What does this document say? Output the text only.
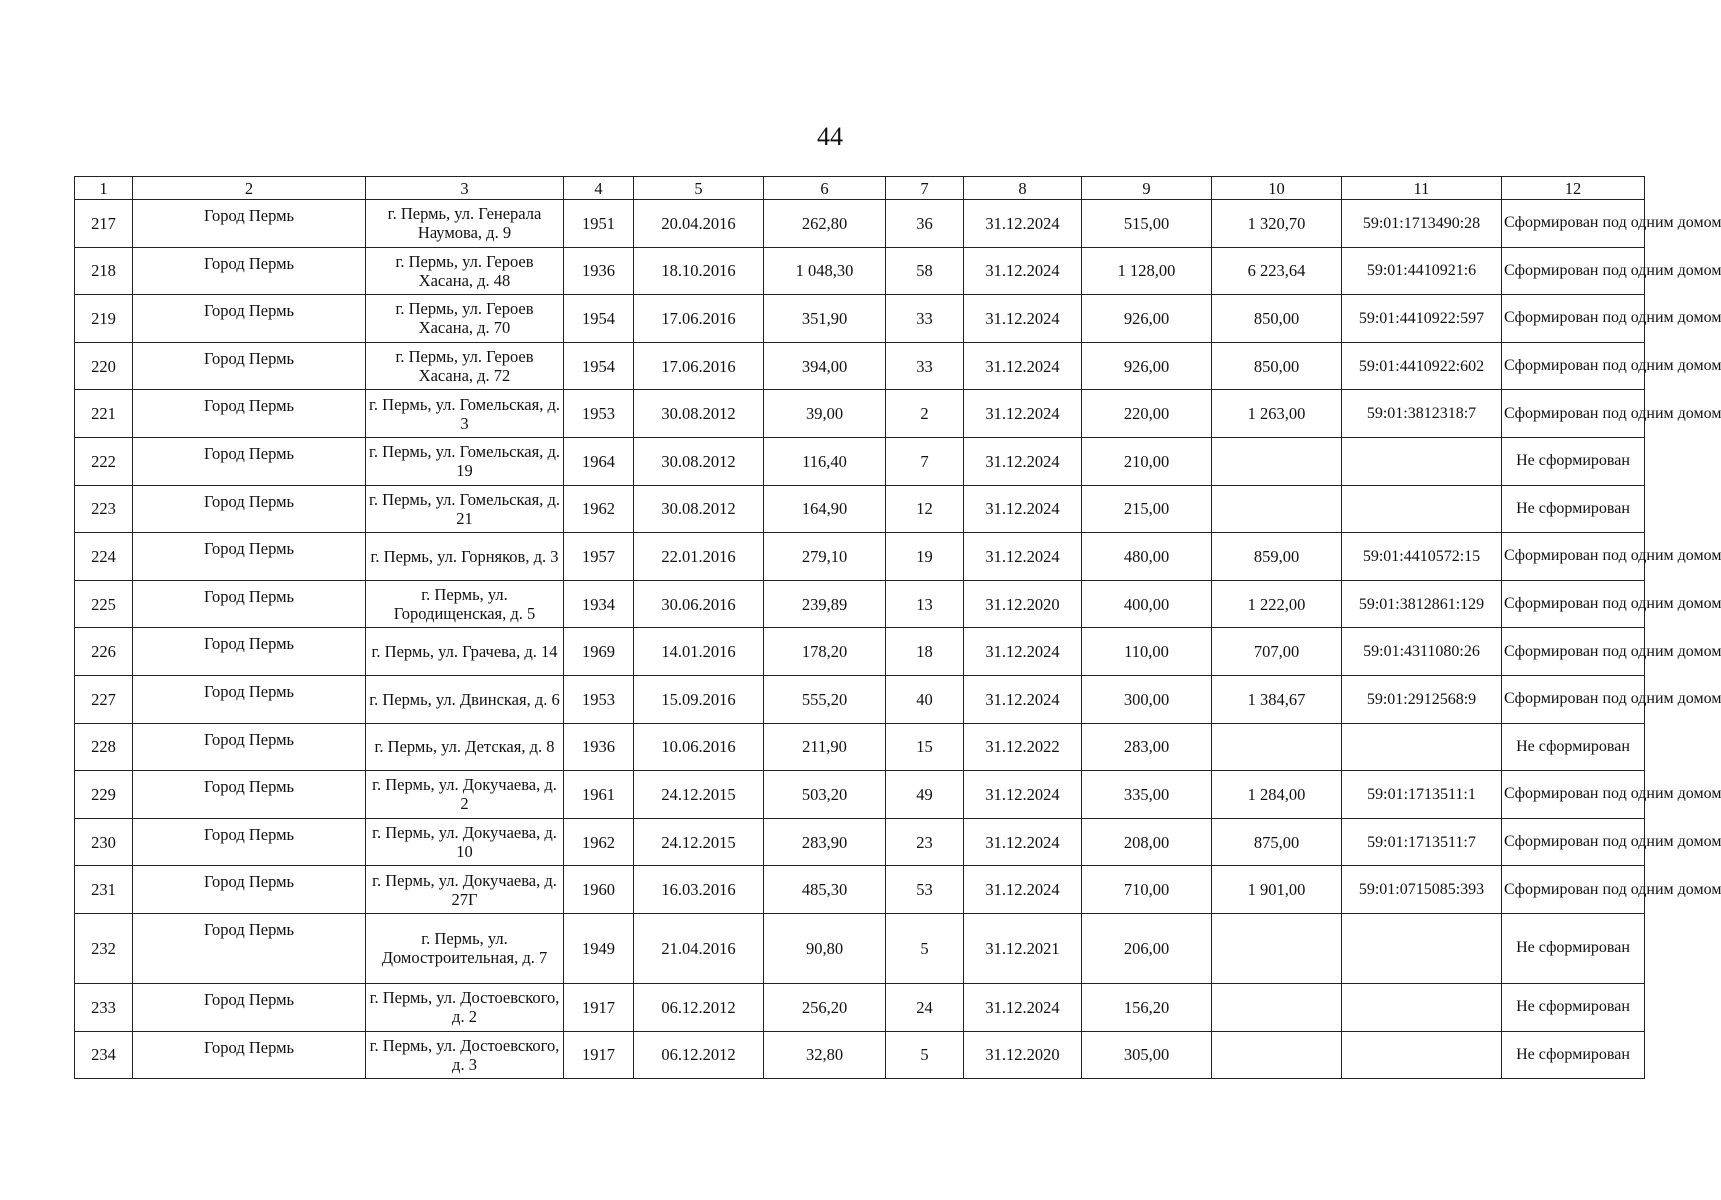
44
1	2	3	4	5	6	7	8	9	10	11	12
217	Город Пермь	г. Пермь, ул. Генерала Наумова, д. 9	1951	20.04.2016	262,80	36	31.12.2024	515,00	1 320,70	59:01:1713490:28	Сформирован под одним домом
218	Город Пермь	г. Пермь, ул. Героев Хасана, д. 48	1936	18.10.2016	1 048,30	58	31.12.2024	1 128,00	6 223,64	59:01:4410921:6	Сформирован под одним домом
219	Город Пермь	г. Пермь, ул. Героев Хасана, д. 70	1954	17.06.2016	351,90	33	31.12.2024	926,00	850,00	59:01:4410922:597	Сформирован под одним домом
220	Город Пермь	г. Пермь, ул. Героев Хасана, д. 72	1954	17.06.2016	394,00	33	31.12.2024	926,00	850,00	59:01:4410922:602	Сформирован под одним домом
221	Город Пермь	г. Пермь, ул. Гомельская, д. 3	1953	30.08.2012	39,00	2	31.12.2024	220,00	1 263,00	59:01:3812318:7	Сформирован под одним домом
222	Город Пермь	г. Пермь, ул. Гомельская, д. 19	1964	30.08.2012	116,40	7	31.12.2024	210,00			Не сформирован
223	Город Пермь	г. Пермь, ул. Гомельская, д. 21	1962	30.08.2012	164,90	12	31.12.2024	215,00			Не сформирован
224	Город Пермь	г. Пермь, ул. Горняков, д. 3	1957	22.01.2016	279,10	19	31.12.2024	480,00	859,00	59:01:4410572:15	Сформирован под одним домом
225	Город Пермь	г. Пермь, ул. Городищенская, д. 5	1934	30.06.2016	239,89	13	31.12.2020	400,00	1 222,00	59:01:3812861:129	Сформирован под одним домом
226	Город Пермь	г. Пермь, ул. Грачева, д. 14	1969	14.01.2016	178,20	18	31.12.2024	110,00	707,00	59:01:4311080:26	Сформирован под одним домом
227	Город Пермь	г. Пермь, ул. Двинская, д. 6	1953	15.09.2016	555,20	40	31.12.2024	300,00	1 384,67	59:01:2912568:9	Сформирован под одним домом
228	Город Пермь	г. Пермь, ул. Детская, д. 8	1936	10.06.2016	211,90	15	31.12.2022	283,00			Не сформирован
229	Город Пермь	г. Пермь, ул. Докучаева, д. 2	1961	24.12.2015	503,20	49	31.12.2024	335,00	1 284,00	59:01:1713511:1	Сформирован под одним домом
230	Город Пермь	г. Пермь, ул. Докучаева, д. 10	1962	24.12.2015	283,90	23	31.12.2024	208,00	875,00	59:01:1713511:7	Сформирован под одним домом
231	Город Пермь	г. Пермь, ул. Докучаева, д. 27Г	1960	16.03.2016	485,30	53	31.12.2024	710,00	1 901,00	59:01:0715085:393	Сформирован под одним домом
232	Город Пермь	г. Пермь, ул. Домостроительная, д. 7	1949	21.04.2016	90,80	5	31.12.2021	206,00			Не сформирован
233	Город Пермь	г. Пермь, ул. Достоевского, д. 2	1917	06.12.2012	256,20	24	31.12.2024	156,20			Не сформирован
234	Город Пермь	г. Пермь, ул. Достоевского, д. 3	1917	06.12.2012	32,80	5	31.12.2020	305,00			Не сформирован
